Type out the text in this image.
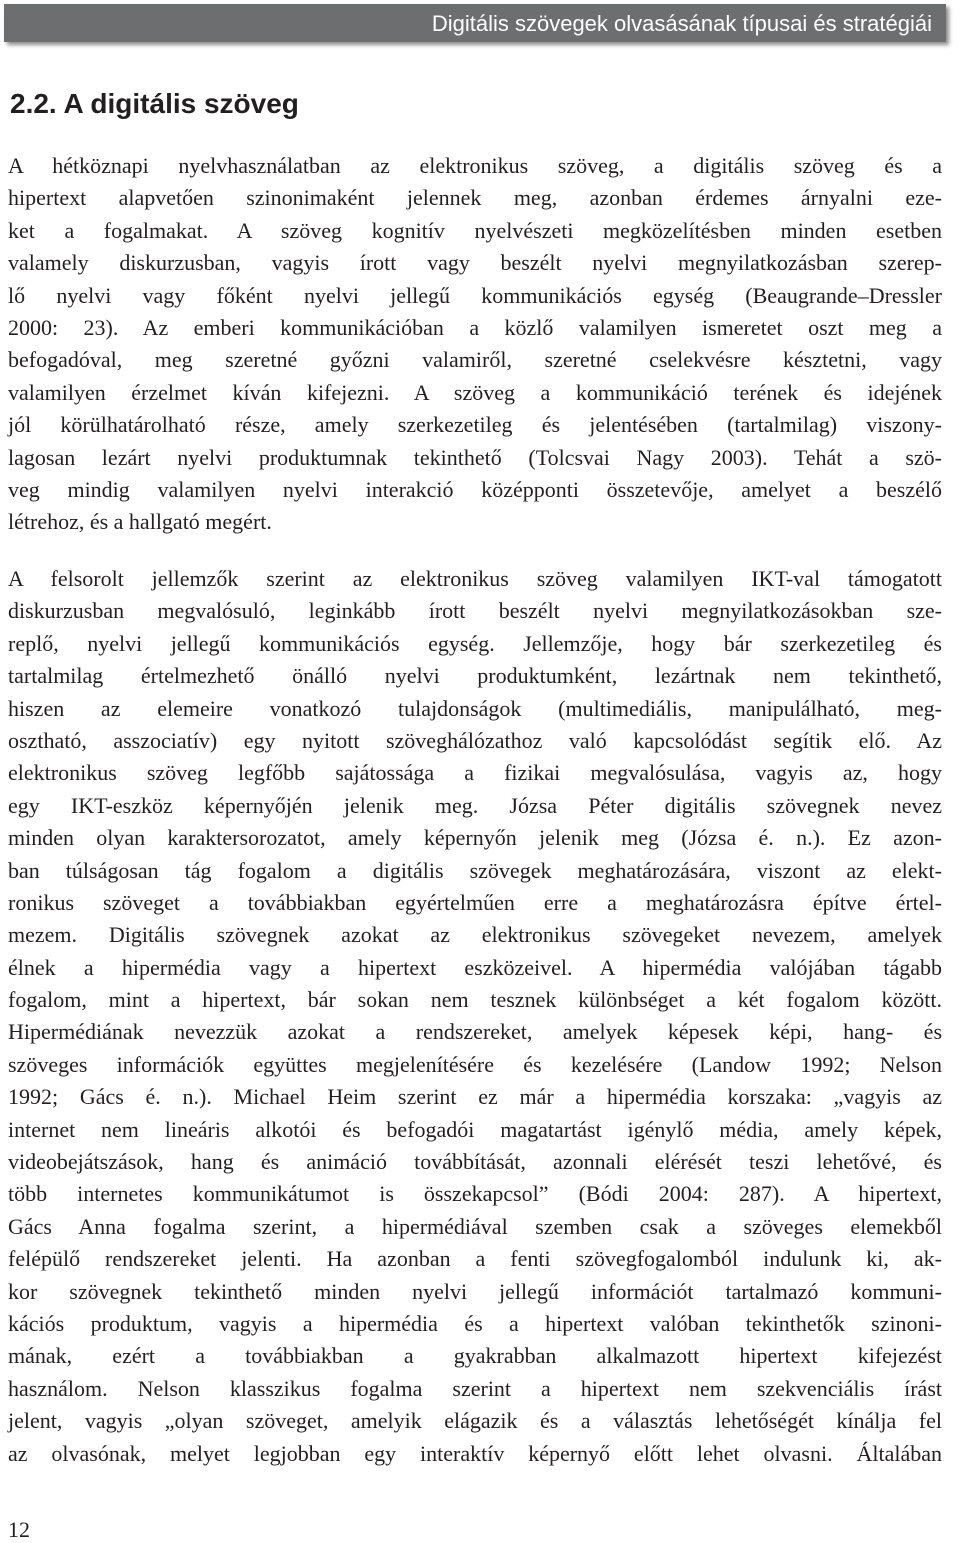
Digitális szövegek olvasásának típusai és stratégiái
2.2. A digitális szöveg
A hétköznapi nyelvhasználatban az elektronikus szöveg, a digitális szöveg és a
hipertext alapvetően szinonimaként jelennek meg, azonban érdemes árnyalni eze-
ket a fogalmakat. A szöveg kognitív nyelvészeti megközelítésben minden esetben
valamely diskurzusban, vagyis írott vagy beszélt nyelvi megnyilatkozásban szerep-
lő nyelvi vagy főként nyelvi jellegű kommunikációs egység (Beaugrande–Dressler
2000: 23). Az emberi kommunikációban a közlő valamilyen ismeretet oszt meg a
befogadóval, meg szeretné győzni valamiről, szeretné cselekvésre késztetni, vagy
valamilyen érzelmet kíván kifejezni. A szöveg a kommunikáció terének és idejének
jól körülhatárolható része, amely szerkezetileg és jelentésében (tartalmilag) viszony-
lagosan lezárt nyelvi produktumnak tekinthető (Tolcsvai Nagy 2003). Tehát a szö-
veg mindig valamilyen nyelvi interakció középponti összetevője, amelyet a beszélő
létrehoz, és a hallgató megért.
A felsorolt jellemzők szerint az elektronikus szöveg valamilyen IKT-val támogatott
diskurzusban megvalósuló, leginkább írott beszélt nyelvi megnyilatkozásokban sze-
replő, nyelvi jellegű kommunikációs egység. Jellemzője, hogy bár szerkezetileg és
tartalmilag értelmezhető önálló nyelvi produktumként, lezártnak nem tekinthető,
hiszen az elemeire vonatkozó tulajdonságok (multimediális, manipulálható, meg-
osztható, asszociatív) egy nyitott szöveghálózathoz való kapcsolódást segítik elő. Az
elektronikus szöveg legfőbb sajátossága a fizikai megvalósulása, vagyis az, hogy
egy IKT-eszköz képernyőjén jelenik meg. Józsa Péter digitális szövegnek nevez
minden olyan karaktersorozatot, amely képernyőn jelenik meg (Józsa é. n.). Ez azon-
ban túlságosan tág fogalom a digitális szövegek meghatározására, viszont az elekt-
ronikus szöveget a továbbiakban egyértelműen erre a meghatározásra építve értel-
mezem. Digitális szövegnek azokat az elektronikus szövegeket nevezem, amelyek
élnek a hipermédia vagy a hipertext eszközeivel. A hipermédia valójában tágabb
fogalom, mint a hipertext, bár sokan nem tesznek különbséget a két fogalom között.
Hipermédiának nevezzük azokat a rendszereket, amelyek képesek képi, hang- és
szöveges információk együttes megjelenítésére és kezelésére (Landow 1992; Nelson
1992; Gács é. n.). Michael Heim szerint ez már a hipermédia korszaka: „vagyis az
internet nem lineáris alkotói és befogadói magatartást igénylő média, amely képek,
videobejátszások, hang és animáció továbbítását, azonnali elérését teszi lehetővé, és
több internetes kommunikátumot is összekapcsol” (Bódi 2004: 287). A hipertext,
Gács Anna fogalma szerint, a hipermédiával szemben csak a szöveges elemekből
felépülő rendszereket jelenti. Ha azonban a fenti szövegfogalomból indulunk ki, ak-
kor szövegnek tekinthető minden nyelvi jellegű információt tartalmazó kommuni-
kációs produktum, vagyis a hipermédia és a hipertext valóban tekinthetők szinoni-
mának, ezért a továbbiakban a gyakrabban alkalmazott hipertext kifejezést
használom. Nelson klasszikus fogalma szerint a hipertext nem szekvenciális írást
jelent, vagyis „olyan szöveget, amelyik elágazik és a választás lehetőségét kínálja fel
az olvasónak, melyet legjobban egy interaktív képernyő előtt lehet olvasni. Általában
12
